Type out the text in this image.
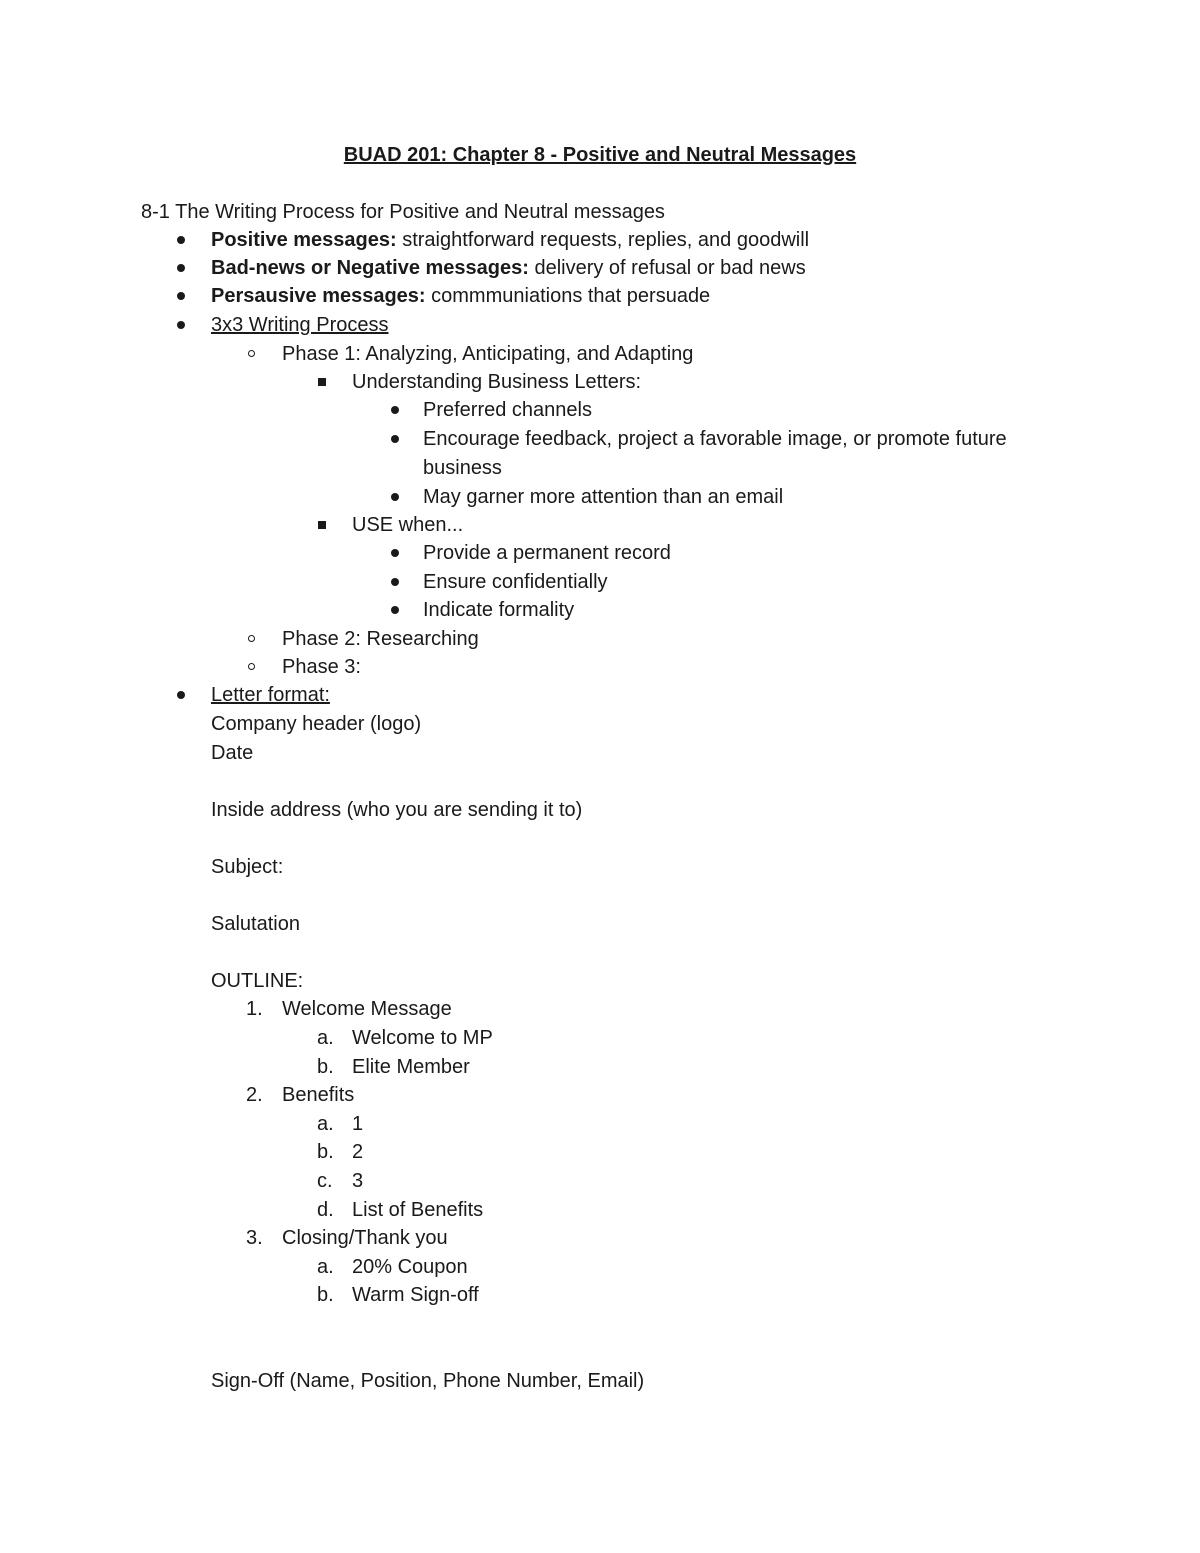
BUAD 201: Chapter 8 - Positive and Neutral Messages
8-1 The Writing Process for Positive and Neutral messages
Positive messages: straightforward requests, replies, and goodwill
Bad-news or Negative messages: delivery of refusal or bad news
Persausive messages: commmuniations that persuade
3x3 Writing Process
Phase 1: Analyzing, Anticipating, and Adapting
Understanding Business Letters:
Preferred channels
Encourage feedback, project a favorable image, or promote future
business
May garner more attention than an email
USE when...
Provide a permanent record
Ensure confidentially
Indicate formality
Phase 2: Researching
Phase 3:
Letter format:
Company header (logo)
Date
Inside address (who you are sending it to)
Subject:
Salutation
OUTLINE:
1. Welcome Message
a. Welcome to MP
b. Elite Member
2. Benefits
a. 1
b. 2
c. 3
d. List of Benefits
3. Closing/Thank you
a. 20% Coupon
b. Warm Sign-off
Sign-Off (Name, Position, Phone Number, Email)
